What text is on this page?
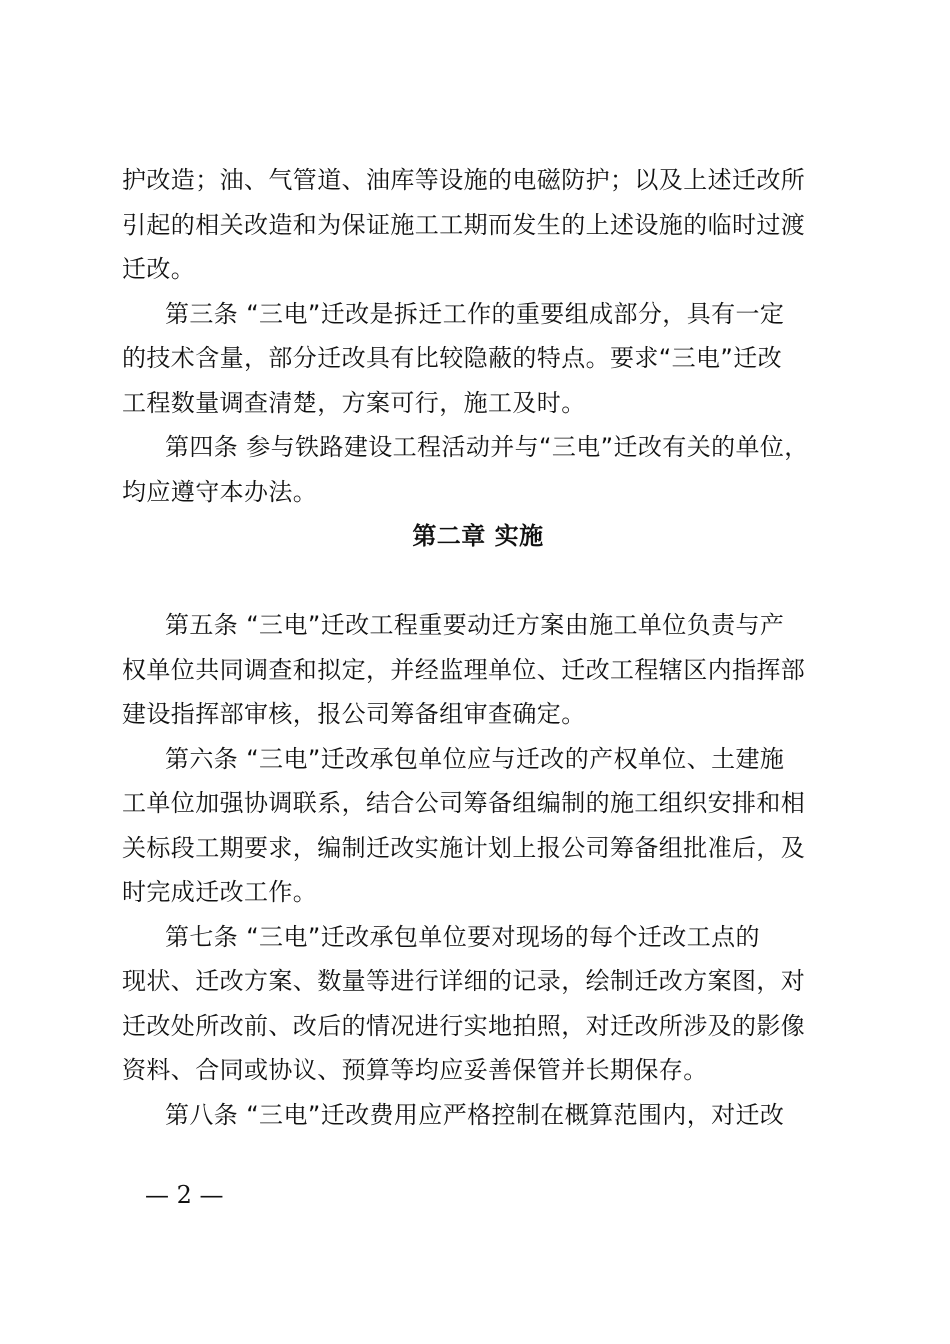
护改造；油、气管道、油库等设施的电磁防护；以及上述迁改所
引起的相关改造和为保证施工工期而发生的上述设施的临时过渡
迁改。

第三条 “三电”迁改是拆迁工作的重要组成部分，具有一定
的技术含量，部分迁改具有比较隐蔽的特点。要求“三电”迁改
工程数量调查清楚，方案可行，施工及时。

第四条 参与铁路建设工程活动并与“三电”迁改有关的单位，
均应遵守本办法。

第二章 实施

第五条 “三电”迁改工程重要动迁方案由施工单位负责与产
权单位共同调查和拟定，并经监理单位、迁改工程辖区内指挥部
建设指挥部审核，报公司筹备组审查确定。

第六条 “三电”迁改承包单位应与迁改的产权单位、土建施
工单位加强协调联系，结合公司筹备组编制的施工组织安排和相
关标段工期要求，编制迁改实施计划上报公司筹备组批准后，及
时完成迁改工作。

第七条 “三电”迁改承包单位要对现场的每个迁改工点的
现状、迁改方案、数量等进行详细的记录，绘制迁改方案图，对
迁改处所改前、改后的情况进行实地拍照，对迁改所涉及的影像
资料、合同或协议、预算等均应妥善保管并长期保存。

第八条 “三电”迁改费用应严格控制在概算范围内，对迁改

— 2 —
